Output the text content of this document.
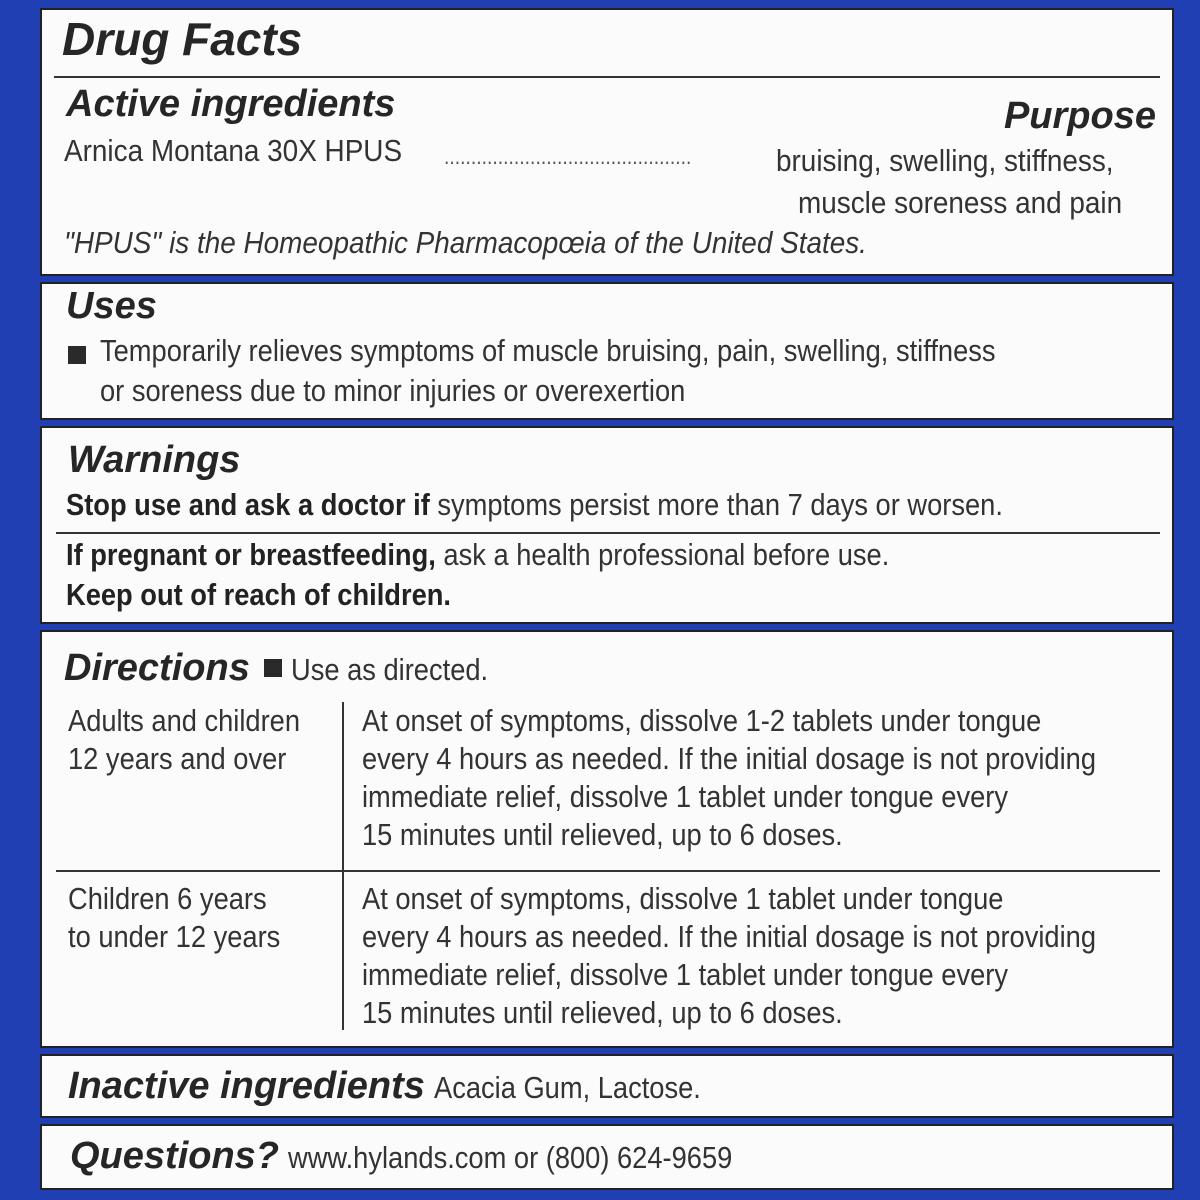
Drug Facts
Active ingredients	Purpose
Arnica Montana 30X HPUS ..............................................	bruising, swelling, stiffness,
muscle soreness and pain
"HPUS" is the Homeopathic Pharmacopœia of the United States.
Uses
Temporarily relieves symptoms of muscle bruising, pain, swelling, stiffness
or soreness due to minor injuries or overexertion
Warnings
Stop use and ask a doctor if symptoms persist more than 7 days or worsen.
If pregnant or breastfeeding, ask a health professional before use.
Keep out of reach of children.
Directions Use as directed.
Adults and children
12 years and over
At onset of symptoms, dissolve 1-2 tablets under tongue
every 4 hours as needed. If the initial dosage is not providing
immediate relief, dissolve 1 tablet under tongue every
15 minutes until relieved, up to 6 doses.
Children 6 years
to under 12 years
At onset of symptoms, dissolve 1 tablet under tongue
every 4 hours as needed. If the initial dosage is not providing
immediate relief, dissolve 1 tablet under tongue every
15 minutes until relieved, up to 6 doses.
Inactive ingredients Acacia Gum, Lactose.
Questions? www.hylands.com or (800) 624-9659
